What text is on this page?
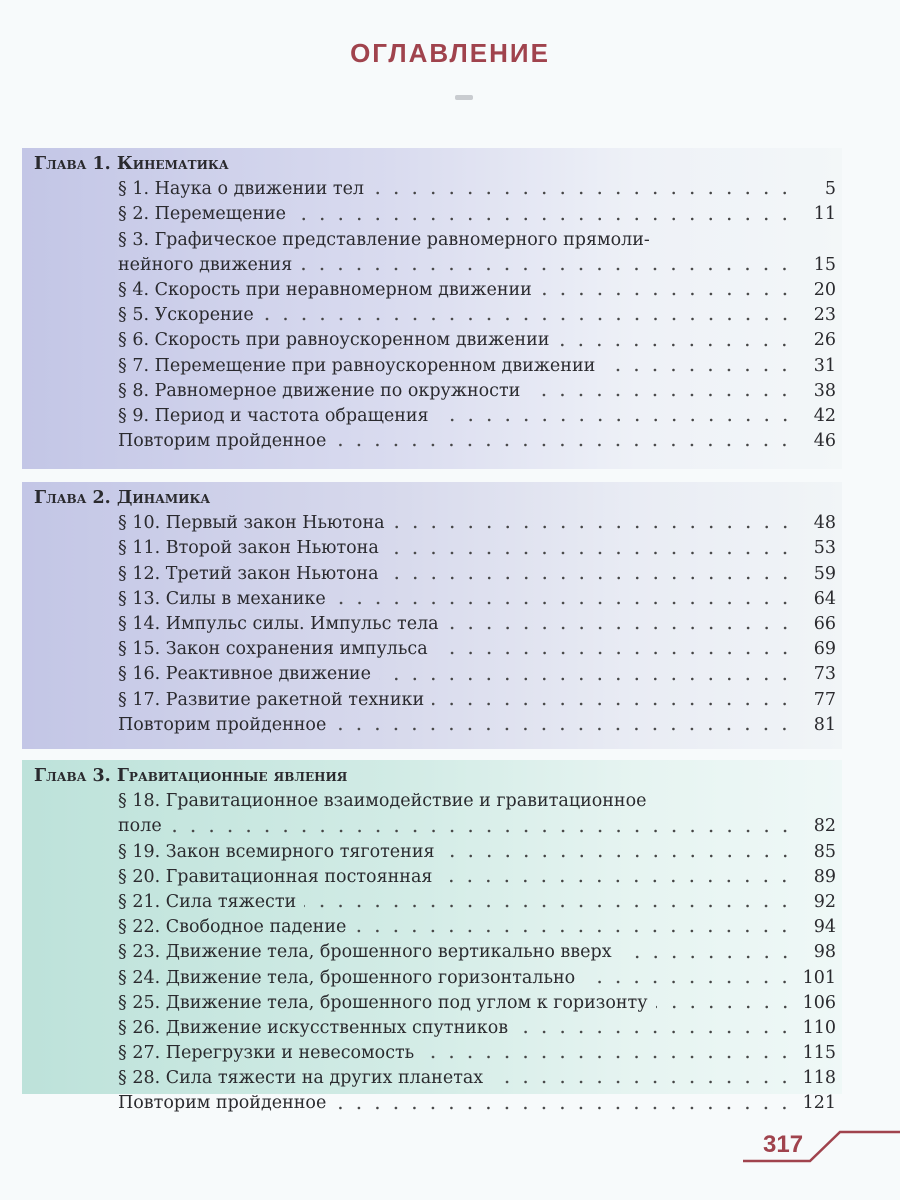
ОГЛАВЛЕНИЕ
Глава 1. Кинематика
§ 1. Наука о движении тел	5
§ 2. Перемещение	11
§ 3. Графическое представление равномерного прямоли-
нейного движения	15
§ 4. Скорость при неравномерном движении	20
§ 5. Ускорение	23
§ 6. Скорость при равноускоренном движении	26
§ 7. Перемещение при равноускоренном движении	31
§ 8. Равномерное движение по окружности	38
§ 9. Период и частота обращения	42
Повторим пройденное	46
Глава 2. Динамика
§ 10. Первый закон Ньютона	48
§ 11. Второй закон Ньютона	53
§ 12. Третий закон Ньютона	59
§ 13. Силы в механике	64
§ 14. Импульс силы. Импульс тела	66
§ 15. Закон сохранения импульса	69
§ 16. Реактивное движение	73
§ 17. Развитие ракетной техники	77
Повторим пройденное	81
Глава 3. Гравитационные явления
§ 18. Гравитационное взаимодействие и гравитационное
поле	82
§ 19. Закон всемирного тяготения	85
§ 20. Гравитационная постоянная	89
§ 21. Сила тяжести	92
§ 22. Свободное падение	94
§ 23. Движение тела, брошенного вертикально вверх	98
§ 24. Движение тела, брошенного горизонтально	101
§ 25. Движение тела, брошенного под углом к горизонту	106
§ 26. Движение искусственных спутников	110
§ 27. Перегрузки и невесомость	115
§ 28. Сила тяжести на других планетах	118
Повторим пройденное	121
317
